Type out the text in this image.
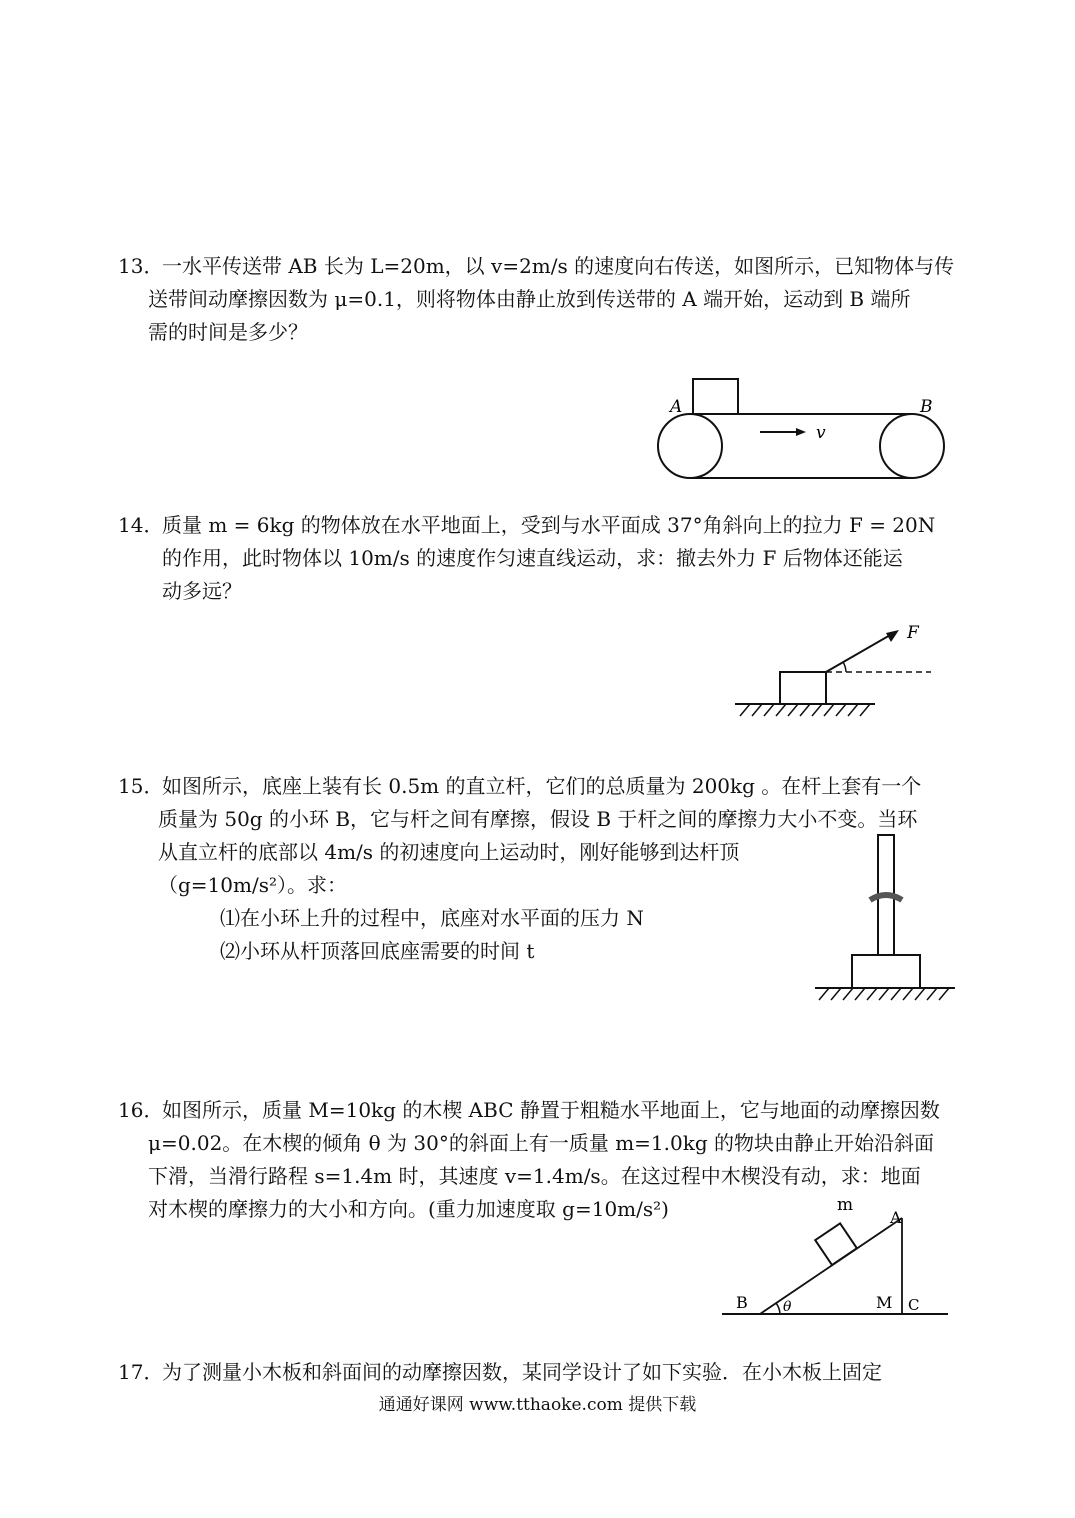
13．
一水平传送带 AB 长为 L=20m，以 v=2m/s 的速度向右传送，如图所示，已知物体与传
送带间动摩擦因数为 μ=0.1，则将物体由静止放到传送带的 A 端开始，运动到 B 端所
需的时间是多少？
A	B
v
14．
质量 m = 6kg 的物体放在水平地面上，受到与水平面成 37°角斜向上的拉力 F = 20N
的作用，此时物体以 10m/s 的速度作匀速直线运动，求：撤去外力 F 后物体还能运
动多远？
F
15．
如图所示，底座上装有长 0.5m 的直立杆，它们的总质量为 200kg 。在杆上套有一个
质量为 50g 的小环 B，它与杆之间有摩擦，假设 B 于杆之间的摩擦力大小不变。当环
从直立杆的底部以 4m/s 的初速度向上运动时，刚好能够到达杆顶
（g=10m/s²）。求：
⑴在小环上升的过程中，底座对水平面的压力 N
⑵小环从杆顶落回底座需要的时间 t
16．
如图所示，质量 M=10kg 的木楔 ABC 静置于粗糙水平地面上，它与地面的动摩擦因数
μ=0.02。在木楔的倾角 θ 为 30°的斜面上有一质量 m=1.0kg 的物块由静止开始沿斜面
下滑，当滑行路程 s=1.4m 时，其速度 v=1.4m/s。在这过程中木楔没有动，求：地面
对木楔的摩擦力的大小和方向。(重力加速度取 g=10m/s²)	m
A
B	θ	M C
17．
为了测量小木板和斜面间的动摩擦因数，某同学设计了如下实验．在小木板上固定
通通好课网 www.tthaoke.com 提供下载
